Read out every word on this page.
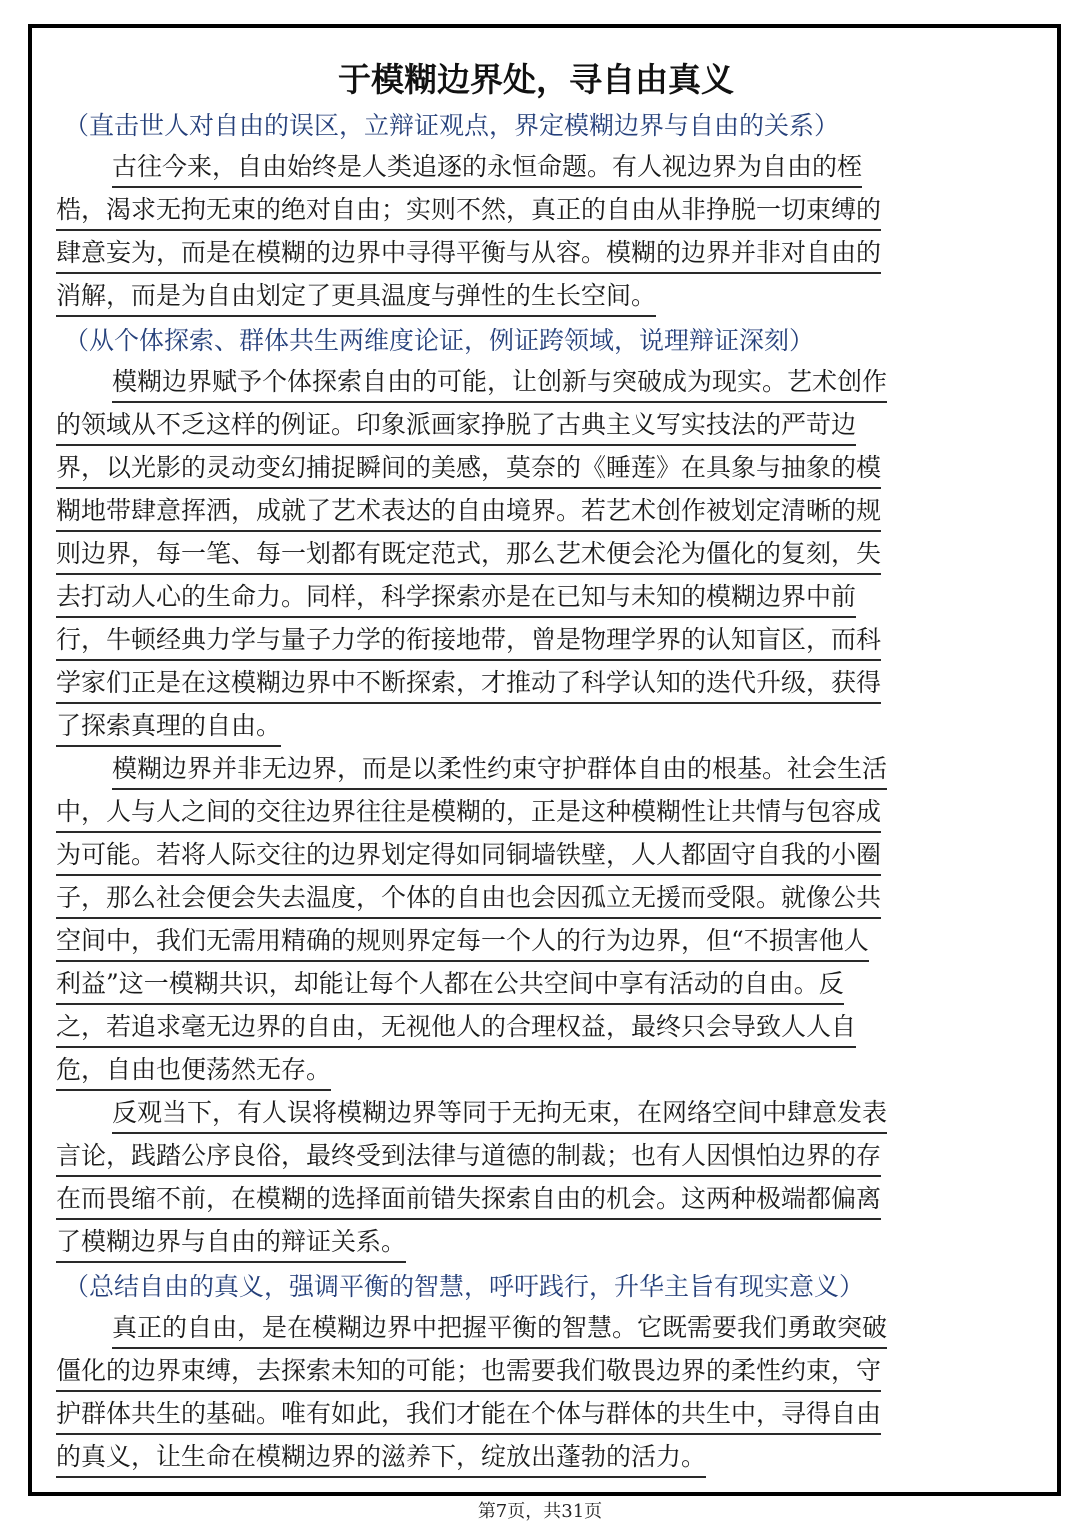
于模糊边界处，寻自由真义

（直击世人对自由的误区，立辩证观点，界定模糊边界与自由的关系）

古往今来，自由始终是人类追逐的永恒命题。有人视边界为自由的桎
梏，渴求无拘无束的绝对自由；实则不然，真正的自由从非挣脱一切束缚的
肆意妄为，而是在模糊的边界中寻得平衡与从容。模糊的边界并非对自由的
消解，而是为自由划定了更具温度与弹性的生长空间。

（从个体探索、群体共生两维度论证，例证跨领域，说理辩证深刻）

模糊边界赋予个体探索自由的可能，让创新与突破成为现实。艺术创作
的领域从不乏这样的例证。印象派画家挣脱了古典主义写实技法的严苛边
界，以光影的灵动变幻捕捉瞬间的美感，莫奈的《睡莲》在具象与抽象的模
糊地带肆意挥洒，成就了艺术表达的自由境界。若艺术创作被划定清晰的规
则边界，每一笔、每一划都有既定范式，那么艺术便会沦为僵化的复刻，失
去打动人心的生命力。同样，科学探索亦是在已知与未知的模糊边界中前
行，牛顿经典力学与量子力学的衔接地带，曾是物理学界的认知盲区，而科
学家们正是在这模糊边界中不断探索，才推动了科学认知的迭代升级，获得
了探索真理的自由。
模糊边界并非无边界，而是以柔性约束守护群体自由的根基。社会生活
中，人与人之间的交往边界往往是模糊的，正是这种模糊性让共情与包容成
为可能。若将人际交往的边界划定得如同铜墙铁壁，人人都固守自我的小圈
子，那么社会便会失去温度，个体的自由也会因孤立无援而受限。就像公共
空间中，我们无需用精确的规则界定每一个人的行为边界，但“不损害他人
利益”这一模糊共识，却能让每个人都在公共空间中享有活动的自由。反
之，若追求毫无边界的自由，无视他人的合理权益，最终只会导致人人自
危，自由也便荡然无存。
反观当下，有人误将模糊边界等同于无拘无束，在网络空间中肆意发表
言论，践踏公序良俗，最终受到法律与道德的制裁；也有人因惧怕边界的存
在而畏缩不前，在模糊的选择面前错失探索自由的机会。这两种极端都偏离
了模糊边界与自由的辩证关系。

（总结自由的真义，强调平衡的智慧，呼吁践行，升华主旨有现实意义）

真正的自由，是在模糊边界中把握平衡的智慧。它既需要我们勇敢突破
僵化的边界束缚，去探索未知的可能；也需要我们敬畏边界的柔性约束，守
护群体共生的基础。唯有如此，我们才能在个体与群体的共生中，寻得自由
的真义，让生命在模糊边界的滋养下，绽放出蓬勃的活力。
第7页，共31页
